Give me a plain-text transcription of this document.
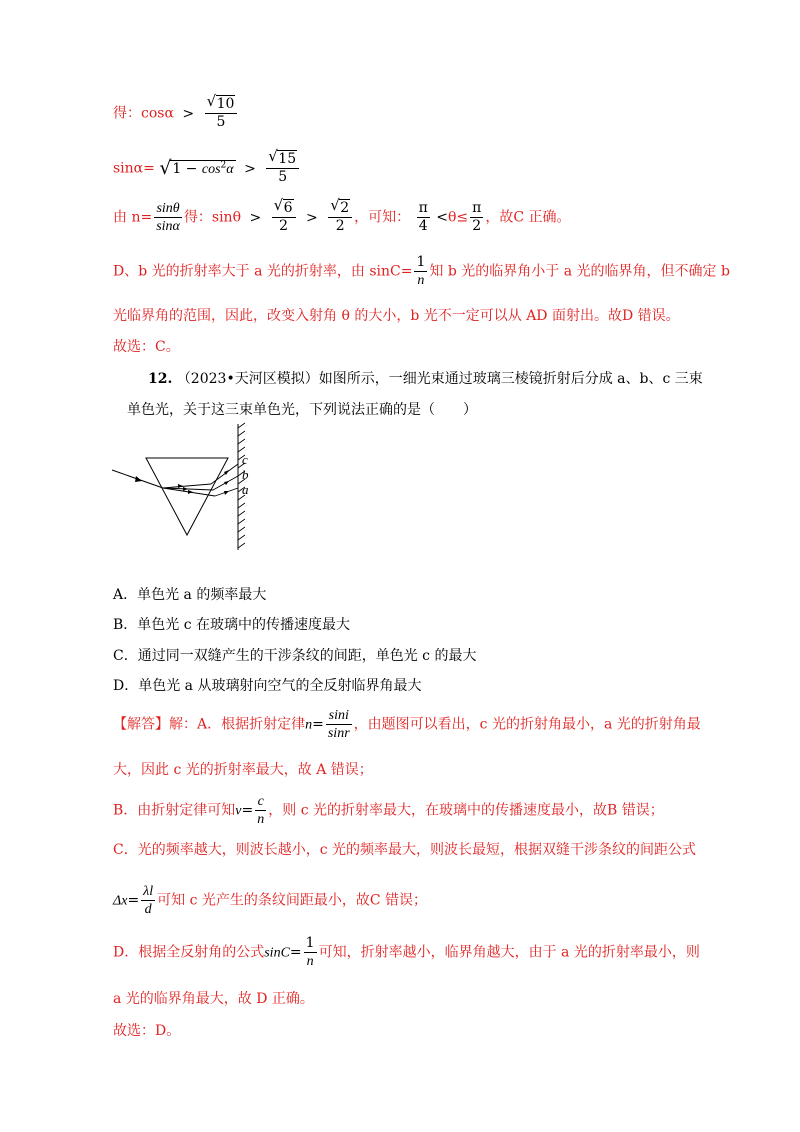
得：$\cos\alpha > \frac{√ 10}{5}$
sinα= √ $1 - \cos^2\alpha > \frac{√ 15}{5}$
由 $n= \frac{\sin\theta}{\sin\alpha}$ 得：$\sin\theta > \frac{√ 6}{2} > \frac{√ 2}{2}$ ，可知： $\frac{\pi}{4} <\theta\le \frac{\pi}{2}$ ，故C 正确。
D、b 光的折射率大于 a 光的折射率，由 $\sin C= \frac{1}{n}$ 知 b 光的临界角小于 a 光的临界角，但不确定 b
光临界角的范围，因此，改变入射角 θ 的大小，b 光不一定可以从 AD 面射出。故D 错误。
故选：C。
12. （2023•天河区模拟）如图所示，一细光束通过玻璃三棱镜折射后分成 a、b、c 三束
单色光，关于这三束单色光，下列说法正确的是（　　）
c
b
a
A．单色光 a 的频率最大
B．单色光 c 在玻璃中的传播速度最大
C．通过同一双缝产生的干涉条纹的间距，单色光 c 的最大
D．单色光 a 从玻璃射向空气的全反射临界角最大
【解答】解：A．根据折射定律$n= \frac{\sin i}{\sin r}$ ，由题图可以看出，c 光的折射角最小，a 光的折射角最
大，因此 c 光的折射率最大，故 A 错误；
B．由折射定律可知$v= \frac{c}{n}$ ，则 c 光的折射率最大，在玻璃中的传播速度最小，故B 错误；
C．光的频率越大，则波长越小，c 光的频率最大，则波长最短，根据双缝干涉条纹的间距公式
$\Delta x= \frac{\lambda l}{d}$ 可知 c 光产生的条纹间距最小，故C 错误；
D．根据全反射角的公式$\sin C= \frac{1}{n}$ 可知，折射率越小，临界角越大，由于 a 光的折射率最小，则
a 光的临界角最大，故 D 正确。
故选：D。
